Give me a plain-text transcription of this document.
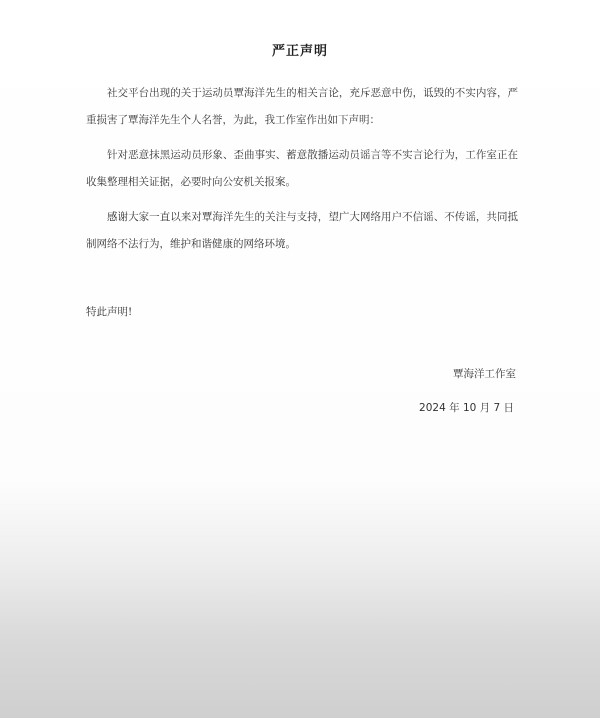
严正声明
社交平台出现的关于运动员覃海洋先生的相关言论，充斥恶意中伤，诋毁的不实内容，严重损害了覃海洋先生个人名誉，为此，我工作室作出如下声明：
针对恶意抹黑运动员形象、歪曲事实、蓄意散播运动员谣言等不实言论行为，工作室正在收集整理相关证据，必要时向公安机关报案。
感谢大家一直以来对覃海洋先生的关注与支持，望广大网络用户不信谣、不传谣，共同抵制网络不法行为，维护和谐健康的网络环境。
特此声明!
覃海洋工作室
2024 年 10 月 7 日
